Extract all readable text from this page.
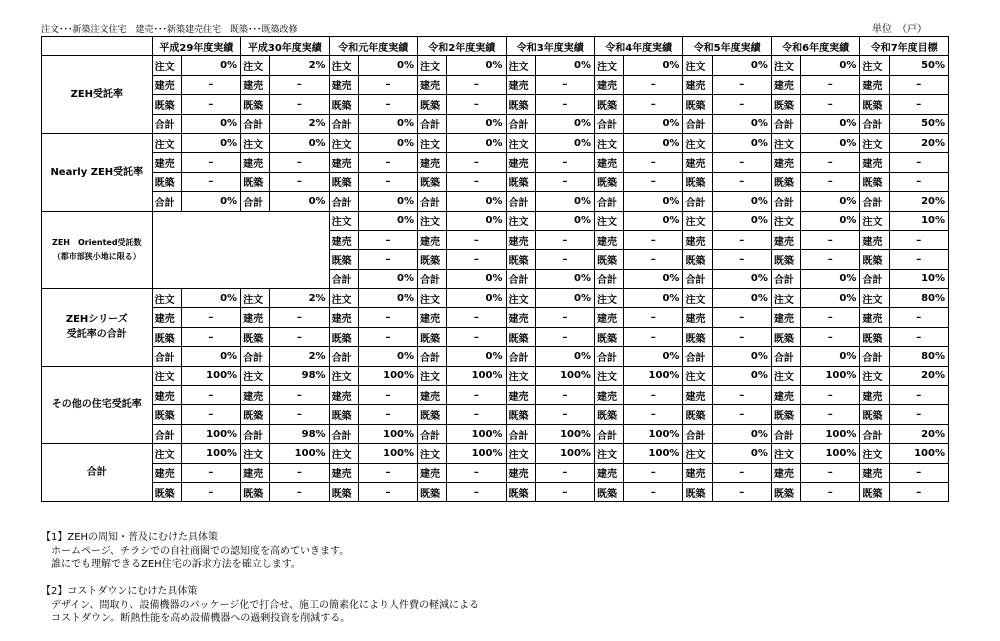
注文･･･新築注文住宅　建売･･･新築建売住宅　既築･･･既築改修	単位　（戸）
	平成29年度実績		平成30年度実績		令和元年度実績		令和2年度実績		令和3年度実績		令和4年度実績		令和5年度実績		令和6年度実績		令和7年度目標	

ZEH受託率	注文	0%	注文	2%	注文	0%	注文	0%	注文	0%	注文	0%	注文	0%	注文	0%	注文	50%
	建売	–	建売	–	建売	–	建売	–	建売	–	建売	–	建売	–	建売	–	建売	–
	既築	–	既築	–	既築	–	既築	–	既築	–	既築	–	既築	–	既築	–	既築	–
	合計	0%	合計	2%	合計	0%	合計	0%	合計	0%	合計	0%	合計	0%	合計	0%	合計	50%

Nearly ZEH受託率	注文	0%	注文	0%	注文	0%	注文	0%	注文	0%	注文	0%	注文	0%	注文	0%	注文	20%
	建売	–	建売	–	建売	–	建売	–	建売	–	建売	–	建売	–	建売	–	建売	–
	既築	–	既築	–	既築	–	既築	–	既築	–	既築	–	既築	–	既築	–	既築	–
	合計	0%	合計	0%	合計	0%	合計	0%	合計	0%	合計	0%	合計	0%	合計	0%	合計	20%

ZEH　Oriented受託数
（都市部狭小地に限る）					注文	0%	注文	0%	注文	0%	注文	0%	注文	0%	注文	0%	注文	10%
					建売	–	建売	–	建売	–	建売	–	建売	–	建売	–	建売	–
					既築	–	既築	–	既築	–	既築	–	既築	–	既築	–	既築	–
					合計	0%	合計	0%	合計	0%	合計	0%	合計	0%	合計	0%	合計	10%

ZEHシリーズ
受託率の合計	注文	0%	注文	2%	注文	0%	注文	0%	注文	0%	注文	0%	注文	0%	注文	0%	注文	80%
	建売	–	建売	–	建売	–	建売	–	建売	–	建売	–	建売	–	建売	–	建売	–
	既築	–	既築	–	既築	–	既築	–	既築	–	既築	–	既築	–	既築	–	既築	–
	合計	0%	合計	2%	合計	0%	合計	0%	合計	0%	合計	0%	合計	0%	合計	0%	合計	80%

その他の住宅受託率	注文	100%	注文	98%	注文	100%	注文	100%	注文	100%	注文	100%	注文	0%	注文	100%	注文	20%
	建売	–	建売	–	建売	–	建売	–	建売	–	建売	–	建売	–	建売	–	建売	–
	既築	–	既築	–	既築	–	既築	–	既築	–	既築	–	既築	–	既築	–	既築	–
	合計	100%	合計	98%	合計	100%	合計	100%	合計	100%	合計	100%	合計	0%	合計	100%	合計	20%

合計	注文	100%	注文	100%	注文	100%	注文	100%	注文	100%	注文	100%	注文	0%	注文	100%	注文	100%
	建売	–	建売	–	建売	–	建売	–	建売	–	建売	–	建売	–	建売	–	建売	–
	既築	–	既築	–	既築	–	既築	–	既築	–	既築	–	既築	–	既築	–	既築	–
【1】ZEHの周知・普及にむけた具体策
　ホームページ、チラシでの自社商圏での認知度を高めていきます。
　誰にでも理解できるZEH住宅の訴求方法を確立します。
【2】コストダウンにむけた具体策
　デザイン、間取り、設備機器のパッケージ化で打合せ、施工の簡素化により人件費の軽減による
　コストダウン。断熱性能を高め設備機器への過剰投資を削減する。
